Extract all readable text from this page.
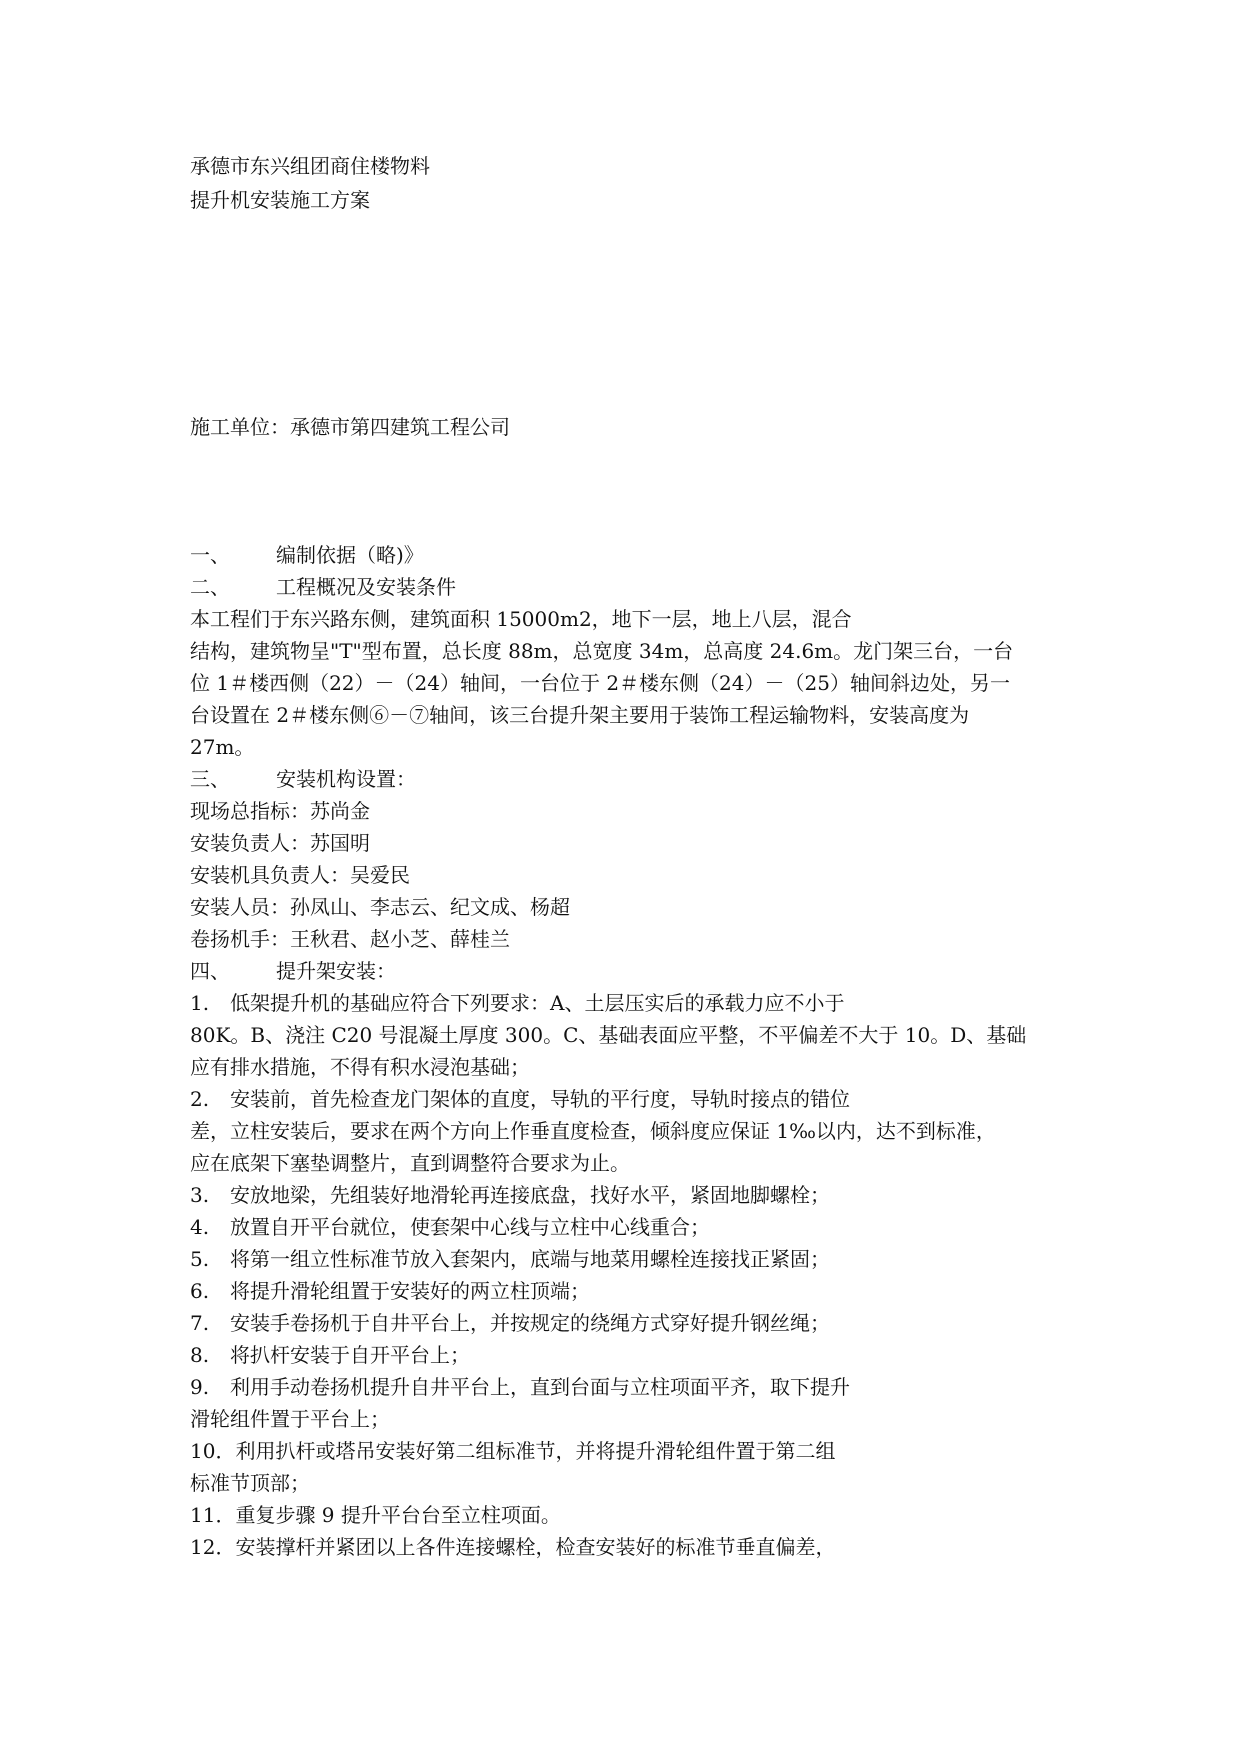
承德市东兴组团商住楼物料
提升机安装施工方案
施工单位：承德市第四建筑工程公司
一、 编制依据（略)》
二、 工程概况及安装条件
本工程们于东兴路东侧，建筑面积 15000m2，地下一层，地上八层，混合
结构，建筑物呈"T"型布置，总长度 88m，总宽度 34m，总高度 24.6m。龙门架三台，一台
位 1＃楼西侧（22）－（24）轴间，一台位于 2＃楼东侧（24）－（25）轴间斜边处，另一
台设置在 2＃楼东侧⑥－⑦轴间，该三台提升架主要用于装饰工程运输物料，安装高度为
27m。
三、 安装机构设置：
现场总指标：苏尚金
安装负责人：苏国明
安装机具负责人：吴爱民
安装人员：孙凤山、李志云、纪文成、杨超
卷扬机手：王秋君、赵小芝、薛桂兰
四、 提升架安装：
1. 低架提升机的基础应符合下列要求：A、土层压实后的承载力应不小于
80K。B、浇注 C20 号混凝土厚度 300。C、基础表面应平整，不平偏差不大于 10。D、基础
应有排水措施，不得有积水浸泡基础；
2. 安装前，首先检查龙门架体的直度，导轨的平行度，导轨时接点的错位
差，立柱安装后，要求在两个方向上作垂直度检查，倾斜度应保证 1‰以内，达不到标准，
应在底架下塞垫调整片，直到调整符合要求为止。
3. 安放地梁，先组装好地滑轮再连接底盘，找好水平，紧固地脚螺栓；
4. 放置自开平台就位，使套架中心线与立柱中心线重合；
5. 将第一组立性标准节放入套架内，底端与地菜用螺栓连接找正紧固；
6. 将提升滑轮组置于安装好的两立柱顶端；
7. 安装手卷扬机于自井平台上，并按规定的绕绳方式穿好提升钢丝绳；
8. 将扒杆安装于自开平台上；
9. 利用手动卷扬机提升自井平台上，直到台面与立柱项面平齐，取下提升
滑轮组件置于平台上；
10．利用扒杆或塔吊安装好第二组标准节，并将提升滑轮组件置于第二组
标准节顶部；
11．重复步骤 9 提升平台台至立柱项面。
12．安装撑杆并紧团以上各件连接螺栓，检查安装好的标准节垂直偏差，
